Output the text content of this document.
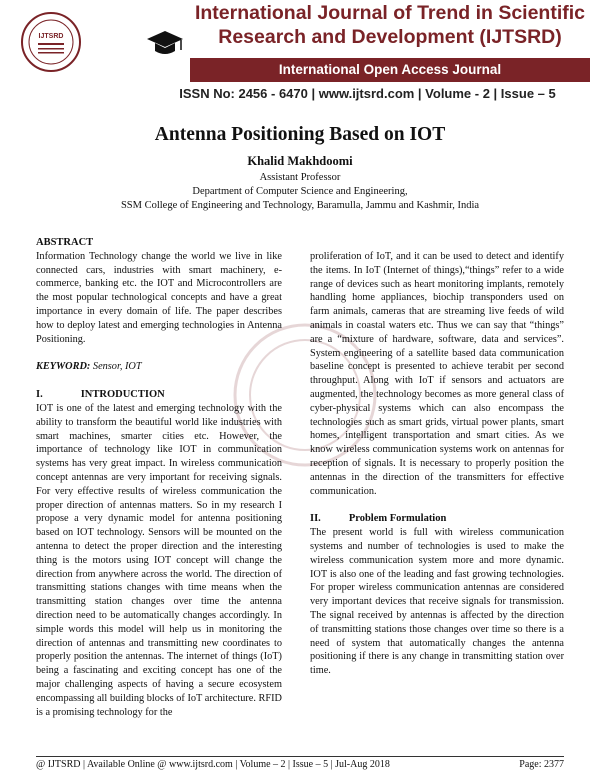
IJTSRD
International Journal of Trend in Scientific
Research and Development (IJTSRD)
International Open Access Journal
ISSN No: 2456 - 6470 | www.ijtsrd.com | Volume - 2 | Issue – 5
Antenna Positioning Based on IOT
Khalid Makhdoomi
Assistant Professor
Department of Computer Science and Engineering,
SSM College of Engineering and Technology, Baramulla, Jammu and Kashmir, India

ABSTRACT

Information Technology change the world we live in like connected cars, industries with smart machinery, e-commerce, banking etc. the IOT and Microcontrollers are the most popular technological concepts and have a great importance in every domain of life. The paper describes how to deploy latest and emerging technologies in Antenna Positioning.

KEYWORD: Sensor, IOT

I.	INTRODUCTION

IOT is one of the latest and emerging technology with the ability to transform the beautiful world like industries with smart machines, smarter cities etc. However, the importance of technology like IOT in communication systems has very great impact. In wireless communication concept antennas are very important for receiving signals. For very effective results of wireless communication the proper direction of antennas matters. So in my research I propose a very dynamic model for antenna positioning based on IOT technology. Sensors will be mounted on the antenna to detect the proper direction and the interesting thing is the motors using IOT concept will change the direction from anywhere across the world. The direction of transmitting stations changes with time means when the transmitting station changes over time the antenna direction need to be automatically changes accordingly. In simple words this model will help us in monitoring the direction of antennas and transmitting new coordinates to properly position the antennas. The internet of things (IoT) being a fascinating and exciting concept has one of the major challenging aspects of having a secure ecosystem encompassing all building blocks of IoT architecture. RFID is a promising technology for the

proliferation of IoT, and it can be used to detect and identify the items. In IoT (Internet of things),“things” refer to a wide range of devices such as heart monitoring implants, remotely handling home appliances, biochip transponders used on farm animals, cameras that are streaming live feeds of wild animals in coastal waters etc. Thus we can say that “things” are a “mixture of hardware, software, data and services”. System engineering of a satellite based data communication baseline concept is presented to achieve terabit per second throughput. Along with IoT if sensors and actuators are augmented, the technology becomes as more general class of cyber-physical systems which can also encompass the technologies such as smart grids, virtual power plants, smart homes, intelligent transportation and smart cities. As we know wireless communication systems work on antennas for reception of signals. It is necessary to properly position the antennas in the direction of the transmitters for effective communication.

II.	Problem Formulation

The present world is full with wireless communication systems and number of technologies is used to make the wireless communication system more and more dynamic. IOT is also one of the leading and fast growing technologies. For proper wireless communication antennas are considered very important devices that receive signals for transmission. The signal received by antennas is affected by the direction of transmitting stations those changes over time so there is a need of system that automatically changes the antenna positioning if there is any change in transmitting station over time.

@ IJTSRD | Available Online @ www.ijtsrd.com | Volume – 2 | Issue – 5 | Jul-Aug 2018	Page: 2377
